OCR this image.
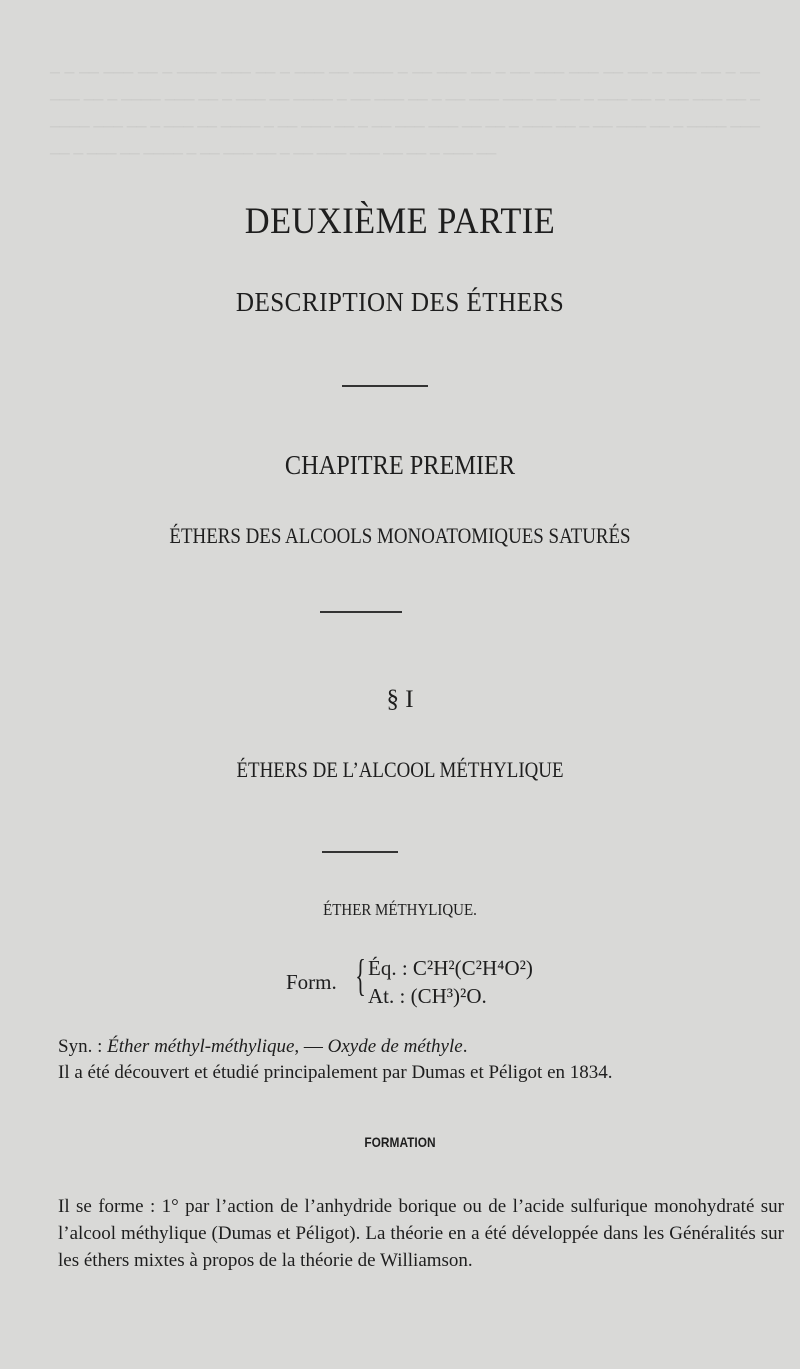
─ ─ ── ─── ── ─ ──── ─── ── ─ ─── ── ──── ─ ── ─── ── ─ ── ─── ─── ── ── ─ ─── ── ─ ── ─── ── ─ ──── ─── ── ─ ─── ── ──── ─ ── ─── ── ─ ── ─── ─── ── ── ─ ─── ── ─ ── ─── ── ─ ──── ─── ── ─ ─── ── ──── ─ ── ─── ── ─ ── ─── ─── ── ── ─ ─── ── ─ ── ─── ── ─ ──── ─── ── ─ ─── ── ──── ─ ── ─── ── ─ ── ─── ─── ── ── ─ ─── ──
DEUXIÈME PARTIE
DESCRIPTION DES ÉTHERS
CHAPITRE PREMIER
ÉTHERS DES ALCOOLS MONOATOMIQUES SATURÉS
§ I
ÉTHERS DE L’ALCOOL MÉTHYLIQUE
ÉTHER MÉTHYLIQUE.
Form. { Éq. : C²H²(C²H⁴O²)
At. : (CH³)²O.
Syn. : Éther méthyl-méthylique, — Oxyde de méthyle.
Il a été découvert et étudié principalement par Dumas et Péligot en 1834.
FORMATION
Il se forme : 1° par l’action de l’anhydride borique ou de l’acide sulfurique monohydraté sur l’alcool méthylique (Dumas et Péligot). La théorie en a été développée dans les Généralités sur les éthers mixtes à propos de la théorie de Williamson.
